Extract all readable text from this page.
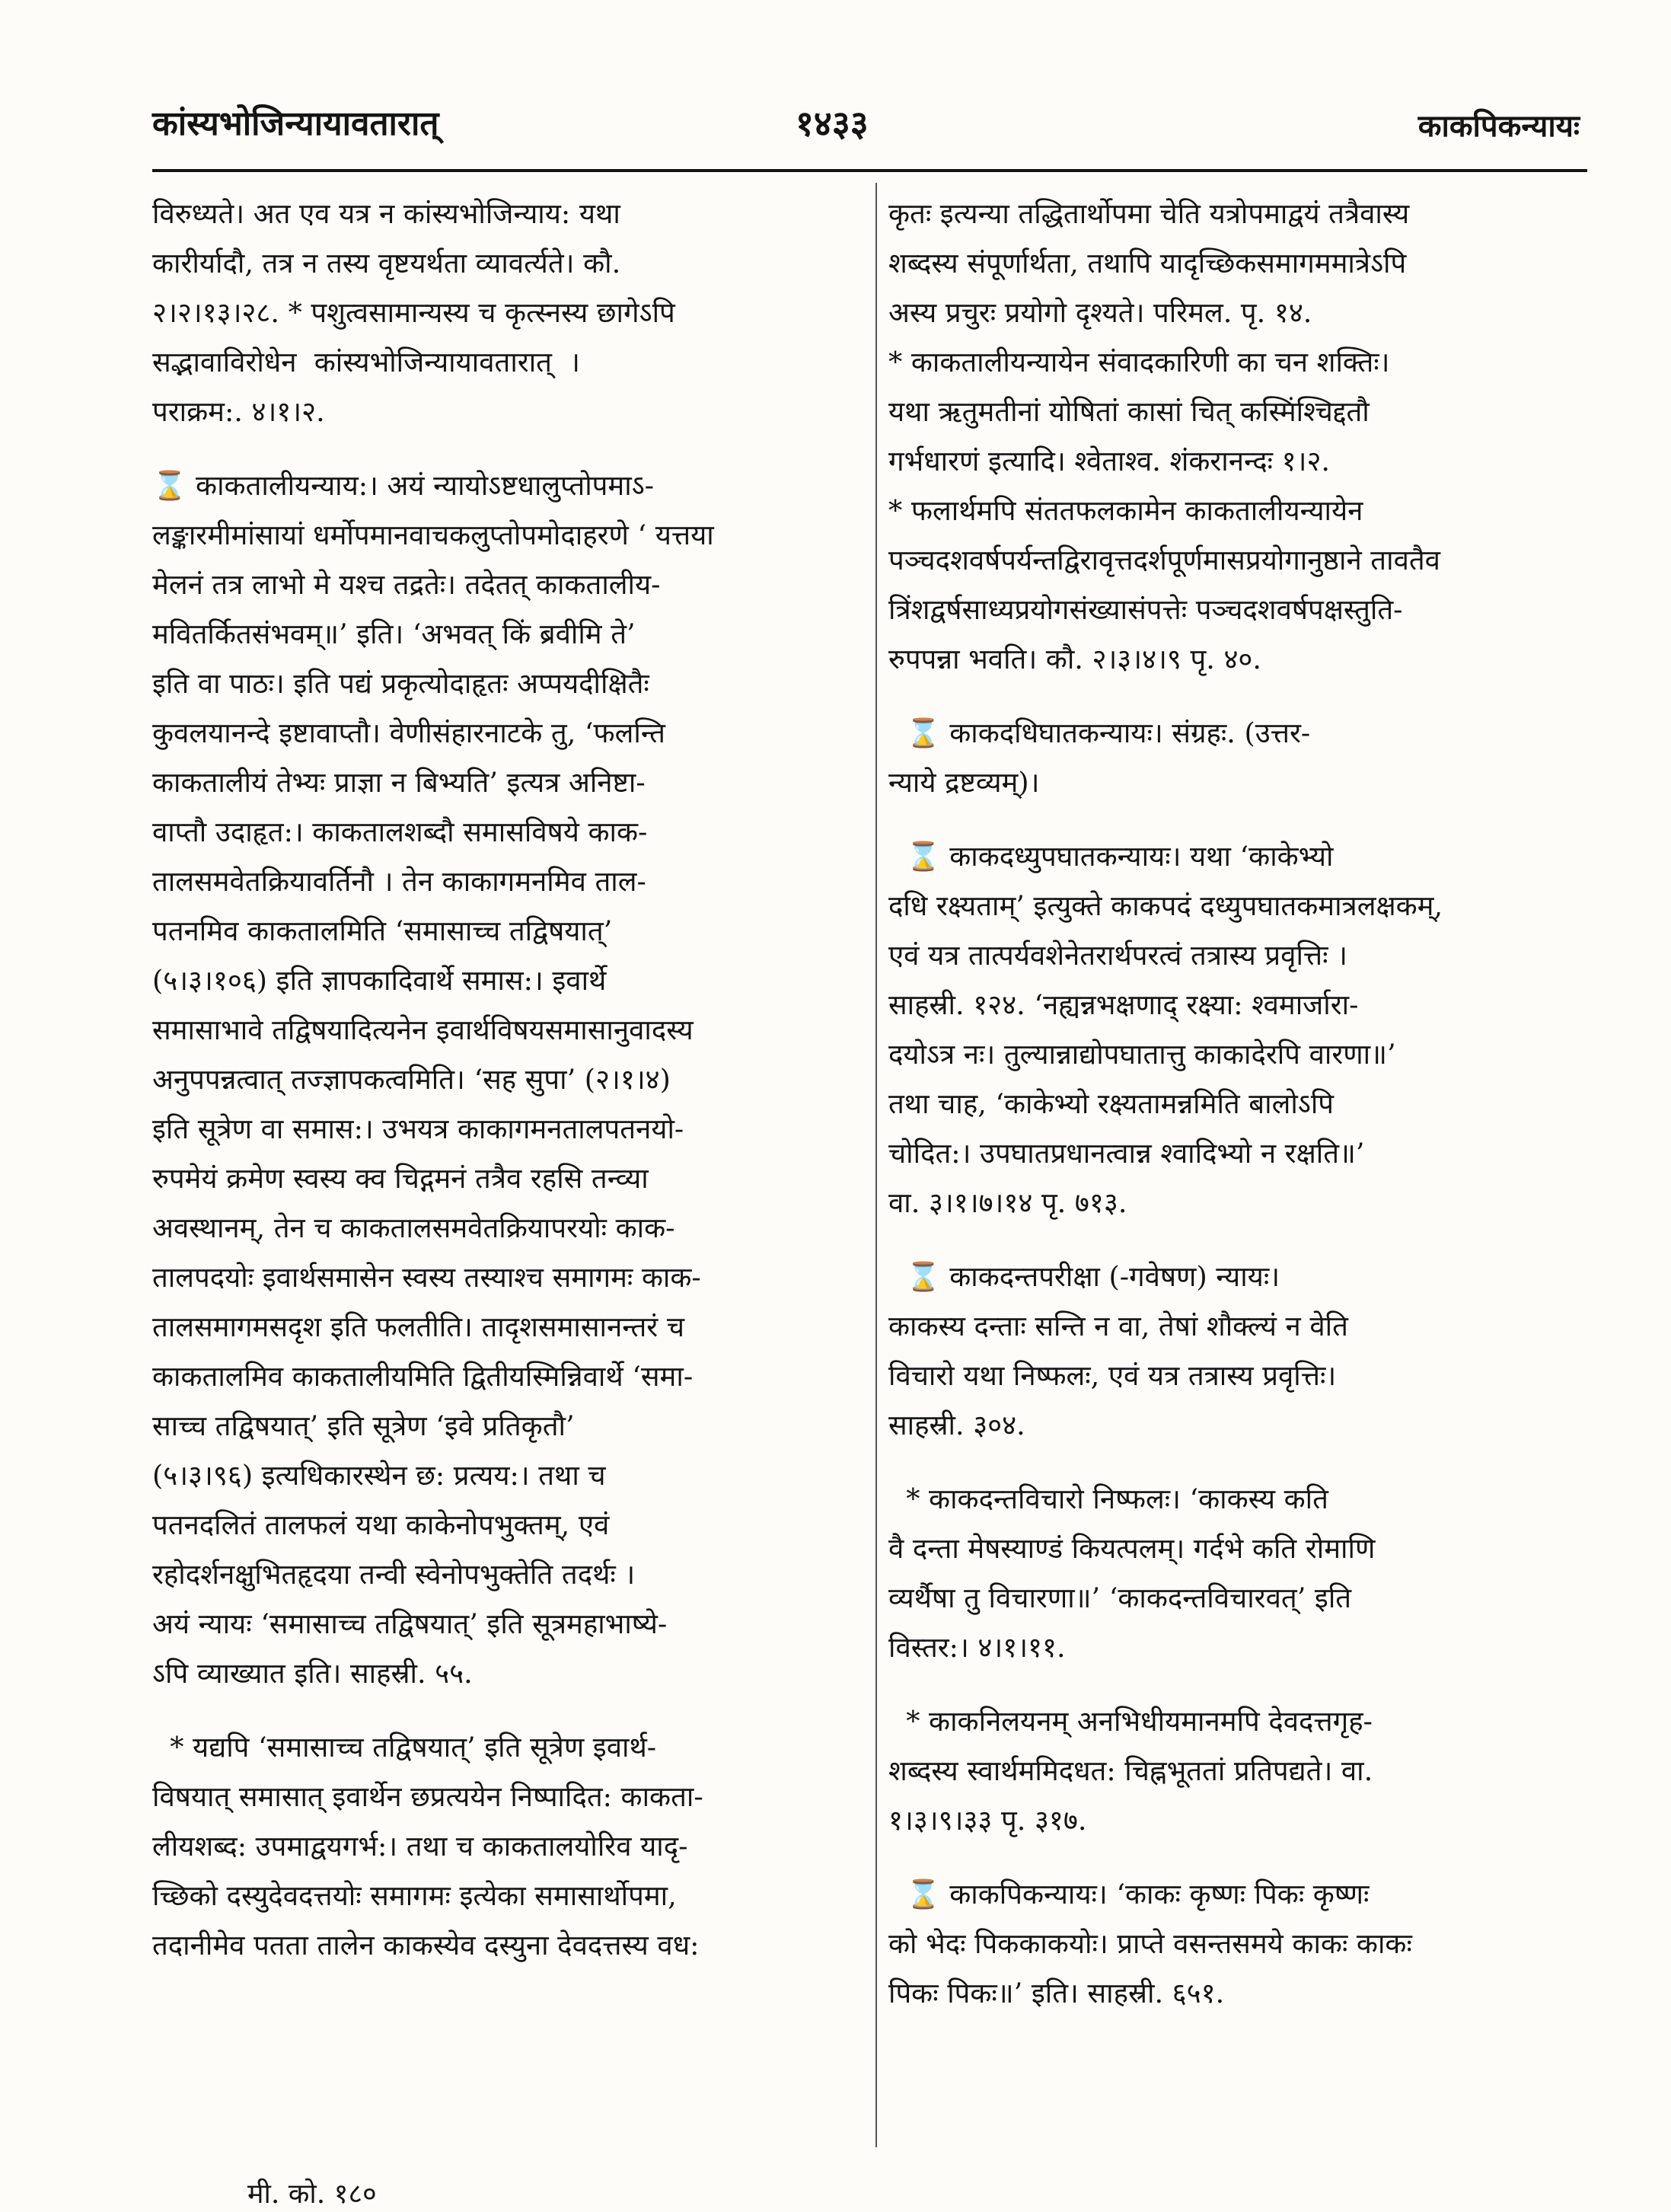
कांस्यभोजिन्यायावतारात्	१४३३	काकपिकन्यायः
विरुध्यते। अत एव यत्र न कांस्यभोजिन्याय: यथा
कारीर्यादौ, तत्र न तस्य वृष्टयर्थता व्यावर्त्यते। कौ.
२।२।१३।२८. * पशुत्वसामान्यस्य च कृत्स्नस्य छागेऽपि
सद्भावाविरोधेन  कांस्यभोजिन्यायावतारात्  ।
पराक्रम:. ४।१।२.
⌛ काकतालीयन्याय:। अयं न्यायोऽष्टधालुप्तोपमाऽ-
लङ्कारमीमांसायां धर्मोपमानवाचकलुप्तोपमोदाहरणे ‘ यत्तया
मेलनं तत्र लाभो मे यश्च तद्रतेः। तदेतत् काकतालीय-
मवितर्कितसंभवम्॥’ इति। ‘अभवत् किं ब्रवीमि ते’
इति वा पाठः। इति पद्यं प्रकृत्योदाहृतः अप्पयदीक्षितैः
कुवलयानन्दे इष्टावाप्तौ। वेणीसंहारनाटके तु, ‘फलन्ति
काकतालीयं तेभ्यः प्राज्ञा न बिभ्यति’ इत्यत्र अनिष्टा-
वाप्तौ उदाहृत:। काकतालशब्दौ समासविषये काक-
तालसमवेतक्रियावर्तिनौ । तेन काकागमनमिव ताल-
पतनमिव काकतालमिति ‘समासाच्च तद्विषयात्’
(५।३।१०६) इति ज्ञापकादिवार्थे समास:। इवार्थे
समासाभावे तद्विषयादित्यनेन इवार्थविषयसमासानुवादस्य
अनुपपन्नत्वात् तज्ज्ञापकत्वमिति। ‘सह सुपा’ (२।१।४)
इति सूत्रेण वा समास:। उभयत्र काकागमनतालपतनयो-
रुपमेयं क्रमेण स्वस्य क्व चिद्गमनं तत्रैव रहसि तन्व्या
अवस्थानम्, तेन च काकतालसमवेतक्रियापरयोः काक-
तालपदयोः इवार्थसमासेन स्वस्य तस्याश्च समागमः काक-
तालसमागमसदृश इति फलतीति। तादृशसमासानन्तरं च
काकतालमिव काकतालीयमिति द्वितीयस्मिन्निवार्थे ‘समा-
साच्च तद्विषयात्’ इति सूत्रेण ‘इवे प्रतिकृतौ’
(५।३।९६) इत्यधिकारस्थेन छ: प्रत्यय:। तथा च
पतनदलितं तालफलं यथा काकेनोपभुक्तम्, एवं
रहोदर्शनक्षुभितहृदया तन्वी स्वेनोपभुक्तेति तदर्थः ।
अयं न्यायः ‘समासाच्च तद्विषयात्’ इति सूत्रमहाभाष्ये-
ऽपि व्याख्यात इति। साहस्री. ५५.
* यद्यपि ‘समासाच्च तद्विषयात्’ इति सूत्रेण इवार्थ-
विषयात् समासात् इवार्थेन छप्रत्ययेन निष्पादित: काकता-
लीयशब्द: उपमाद्वयगर्भ:। तथा च काकतालयोरिव यादृ-
च्छिको दस्युदेवदत्तयोः समागमः इत्येका समासार्थोपमा,
तदानीमेव पतता तालेन काकस्येव दस्युना देवदत्तस्य वध:
कृतः इत्यन्या तद्धितार्थोपमा चेति यत्रोपमाद्वयं तत्रैवास्य
शब्दस्य संपूर्णार्थता, तथापि यादृच्छिकसमागममात्रेऽपि
अस्य प्रचुरः प्रयोगो दृश्यते। परिमल. पृ. १४.
* काकतालीयन्यायेन संवादकारिणी का चन शक्तिः।
यथा ऋतुमतीनां योषितां कासां चित् कस्मिंश्चिद्दतौ
गर्भधारणं इत्यादि। श्वेताश्व. शंकरानन्दः १।२.
* फलार्थमपि संततफलकामेन काकतालीयन्यायेन
पञ्चदशवर्षपर्यन्तद्विरावृत्तदर्शपूर्णमासप्रयोगानुष्ठाने तावतैव
त्रिंशद्वर्षसाध्यप्रयोगसंख्यासंपत्तेः पञ्चदशवर्षपक्षस्तुति-
रुपपन्ना भवति। कौ. २।३।४।९ पृ. ४०.
⌛ काकदधिघातकन्यायः। संग्रहः. (उत्तर-
न्याये द्रष्टव्यम्)।
⌛ काकदध्युपघातकन्यायः। यथा ‘काकेभ्यो
दधि रक्ष्यताम्’ इत्युक्ते काकपदं दध्युपघातकमात्रलक्षकम्,
एवं यत्र तात्पर्यवशेनेतरार्थपरत्वं तत्रास्य प्रवृत्तिः ।
साहस्री. १२४. ‘नह्यन्नभक्षणाद् रक्ष्या: श्वमार्जारा-
दयोऽत्र नः। तुल्यान्नाद्योपघातात्तु काकादेरपि वारणा॥’
तथा चाह, ‘काकेभ्यो रक्ष्यतामन्नमिति बालोऽपि
चोदित:। उपघातप्रधानत्वान्न श्वादिभ्यो न रक्षति॥’
वा. ३।१।७।१४ पृ. ७१३.
⌛ काकदन्तपरीक्षा (-गवेषण) न्यायः।
काकस्य दन्ताः सन्ति न वा, तेषां शौक्ल्यं न वेति
विचारो यथा निष्फलः, एवं यत्र तत्रास्य प्रवृत्तिः।
साहस्री. ३०४.
* काकदन्तविचारो निष्फलः। ‘काकस्य कति
वै दन्ता मेषस्याण्डं कियत्पलम्। गर्दभे कति रोमाणि
व्यर्थैषा तु विचारणा॥’ ‘काकदन्तविचारवत्’ इति
विस्तर:। ४।१।११.
* काकनिलयनम् अनभिधीयमानमपि देवदत्तगृह-
शब्दस्य स्वार्थममिदधत: चिह्नभूततां प्रतिपद्यते। वा.
१।३।९।३३ पृ. ३१७.
⌛ काकपिकन्यायः। ‘काकः कृष्णः पिकः कृष्णः
को भेदः पिककाकयोः। प्राप्ते वसन्तसमये काकः काकः
पिकः पिकः॥’ इति। साहस्री. ६५१.
मी. को. १८०
